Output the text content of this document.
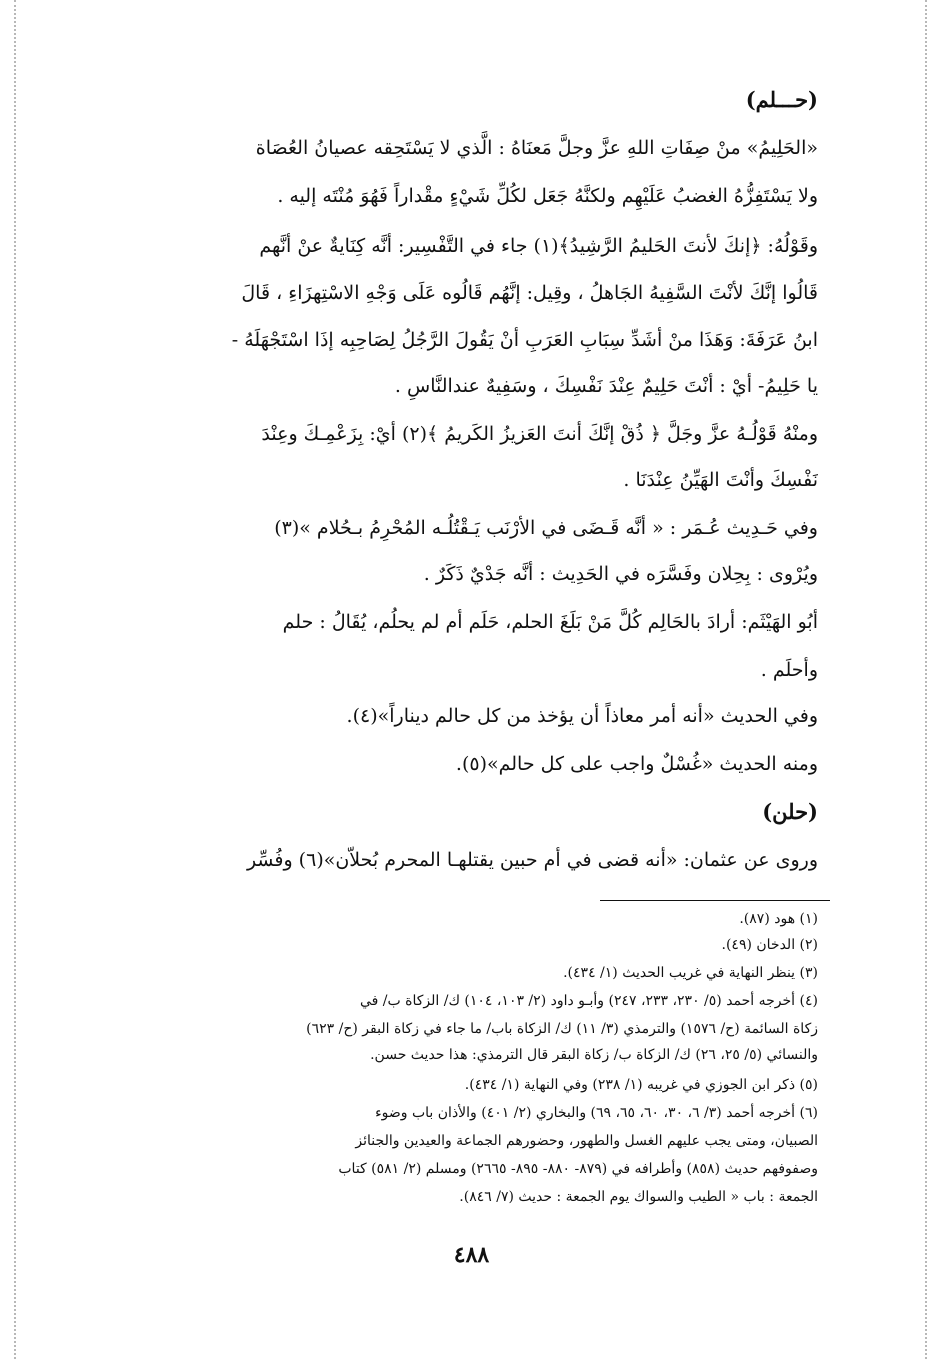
(حـــلم)
«الحَلِيمُ» منْ صِفَاتِ اللهِ عزَّ وجلَّ مَعنَاهُ : الَّذي لا يَسْتَحِقه عصيانُ العُصَاة
ولا يَسْتَفِزُّهُ الغضبُ عَلَيْهِم ولكنَّهُ جَعَل لكُلِّ شَيْءٍ مقْداراً فَهُوَ مُنْتَه إليه .
وقَوْلُهُ: ﴿إنكَ لأنتَ الحَليمُ الرَّشِيدُ﴾(١) جاء في التَّفْسِير: أنَّه كِنَايةٌ عنْ أنَّهم
قَالُوا إنَّكَ لأنْتَ السَّفِيهُ الجَاهلُ ، وقِيل: إنَّهُم قَالُوه عَلَى وَجْهِ الاسْتِهزَاءِ ، قَالَ
ابنُ عَرَفَةَ: وَهَذَا منْ أشَدِّ سِبَابِ العَرَبِ أنْ يَقُولَ الرَّجُلُ لِصَاحِبِه إذَا اسْتَجْهَلَهُ -
يا حَلِيمُ- أيْ : أنْتَ حَلِيمٌ عِنْدَ نَفْسِكَ ، وسَفِيهٌ عندالنَّاسِ .
ومنْهُ قَوْلُـهُ عزَّ وجَلَّ ﴿ ذُقْ إنَّكَ أنتَ العَزيزُ الكَريمُ ﴾(٢) أيْ: بِزَعْمِـكَ وعِنْدَ
نَفْسِكَ وأنْتَ الهَيِّنُ عِنْدَنَا .
وفي حَـدِيث عُـمَر : « أنَّه قَـضَى في الأرْنَب يَـقْتُلُـه المُحْرِمُ بـحُلام »(٣)
ويُرْوى : بِحِلان وفَسَّرَه في الحَدِيث : أنَّه جَدْيٌ ذَكَرٌ .
أبُو الهَيْثَم: أرادَ بالحَالِم كُلَّ مَنْ بَلَغَ الحلم، حَلَم أم لم يحلُم، يُقَالُ : حلم
وأحلَم .
وفي الحديث «أنه أمر معاذاً أن يؤخذ من كل حالم ديناراً»(٤).
ومنه الحديث «غُسْلٌ واجب على كل حالم»(٥).
(حلن)
وروى عن عثمان: «أنه قضى في أم حبين يقتلهـا المحرم بُحلاّن»(٦) وفُسِّر
(١) هود (٨٧).
(٢) الدخان (٤٩).
(٣) ينظر النهاية في غريب الحديث (١/ ٤٣٤).
(٤) أخرجه أحمد (٥/ ٢٣٠، ٢٣٣، ٢٤٧) وأبـو داود (٢/ ١٠٣، ١٠٤) ك/ الزكاة ب/ في
زكاة السائمة (ح/ ١٥٧٦) والترمذي (٣/ ١١) ك/ الزكاة باب/ ما جاء في زكاة البقر (ح/ ٦٢٣)
والنسائي (٥/ ٢٥، ٢٦) ك/ الزكاة ب/ زكاة البقر قال الترمذي: هذا حديث حسن.
(٥) ذكر ابن الجوزي في غريبه (١/ ٢٣٨) وفي النهاية (١/ ٤٣٤).
(٦) أخرجه أحمد (٣/ ٦، ٣٠، ٦٠، ٦٥، ٦٩) والبخاري (٢/ ٤٠١) والأذان باب وضوء
الصبيان، ومتى يجب عليهم الغسل والطهور، وحضورهم الجماعة والعيدين والجنائز
وصفوفهم حديث (٨٥٨) وأطرافه في (٨٧٩- ٨٨٠- ٨٩٥- ٢٦٦٥) ومسلم (٢/ ٥٨١) كتاب
الجمعة : باب « الطيب والسواك يوم الجمعة : حديث (٧/ ٨٤٦).
٤٨٨
